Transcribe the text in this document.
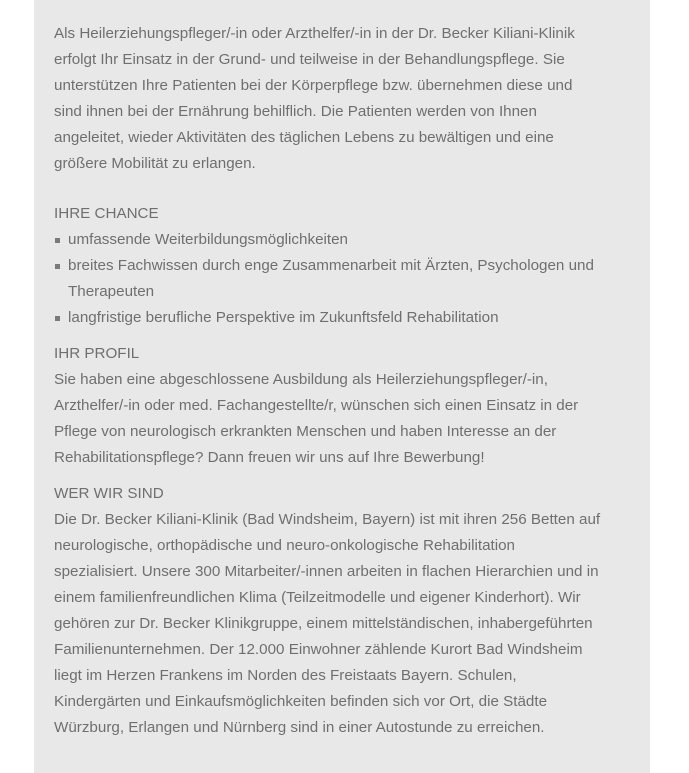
Als Heilerziehungspfleger/-in oder Arzthelfer/-in in der Dr. Becker Kiliani-Klinik
erfolgt Ihr Einsatz in der Grund- und teilweise in der Behandlungspflege. Sie
unterstützen Ihre Patienten bei der Körperpflege bzw. übernehmen diese und
sind ihnen bei der Ernährung behilflich. Die Patienten werden von Ihnen
angeleitet, wieder Aktivitäten des täglichen Lebens zu bewältigen und eine
größere Mobilität zu erlangen.

IHRE CHANCE
umfassende Weiterbildungsmöglichkeiten
breites Fachwissen durch enge Zusammenarbeit mit Ärzten, Psychologen und
Therapeuten
langfristige berufliche Perspektive im Zukunftsfeld Rehabilitation
IHR PROFIL

Sie haben eine abgeschlossene Ausbildung als Heilerziehungspfleger/-in,
Arzthelfer/-in oder med. Fachangestellte/r, wünschen sich einen Einsatz in der
Pflege von neurologisch erkrankten Menschen und haben Interesse an der
Rehabilitationspflege? Dann freuen wir uns auf Ihre Bewerbung!

WER WIR SIND

Die Dr. Becker Kiliani-Klinik (Bad Windsheim, Bayern) ist mit ihren 256 Betten auf
neurologische, orthopädische und neuro-onkologische Rehabilitation
spezialisiert. Unsere 300 Mitarbeiter/-innen arbeiten in flachen Hierarchien und in
einem familienfreundlichen Klima (Teilzeitmodelle und eigener Kinderhort). Wir
gehören zur Dr. Becker Klinikgruppe, einem mittelständischen, inhabergeführten
Familienunternehmen. Der 12.000 Einwohner zählende Kurort Bad Windsheim
liegt im Herzen Frankens im Norden des Freistaats Bayern. Schulen,
Kindergärten und Einkaufsmöglichkeiten befinden sich vor Ort, die Städte
Würzburg, Erlangen und Nürnberg sind in einer Autostunde zu erreichen.
